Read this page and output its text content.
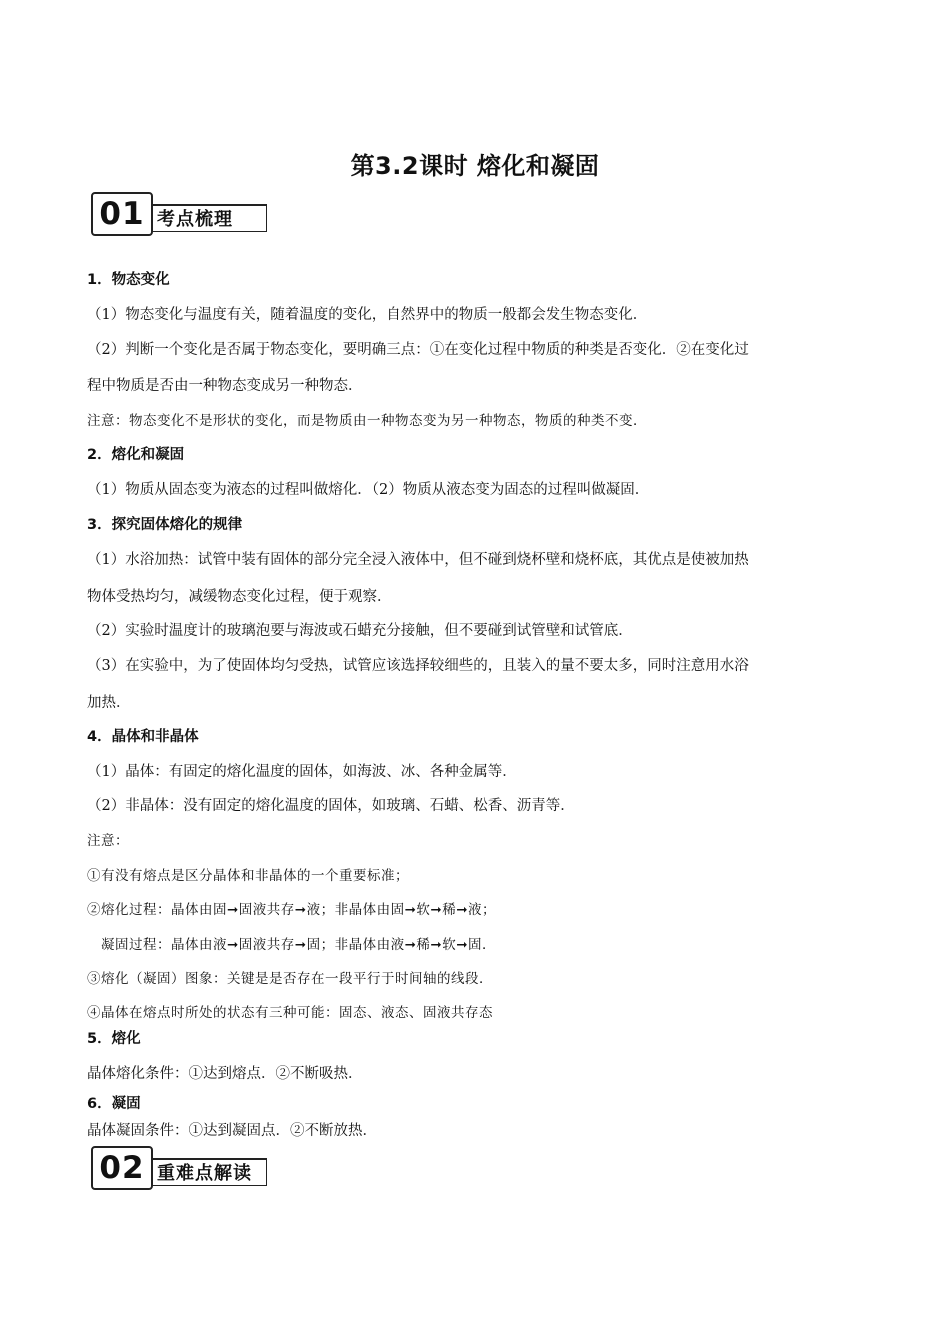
第3.2课时 熔化和凝固
01 考点梳理
1．物态变化
（1）物态变化与温度有关，随着温度的变化，自然界中的物质一般都会发生物态变化．
（2）判断一个变化是否属于物态变化，要明确三点：①在变化过程中物质的种类是否变化．②在变化过
程中物质是否由一种物态变成另一种物态．
注意：物态变化不是形状的变化，而是物质由一种物态变为另一种物态，物质的种类不变．
2．熔化和凝固
（1）物质从固态变为液态的过程叫做熔化．（2）物质从液态变为固态的过程叫做凝固．
3．探究固体熔化的规律
（1）水浴加热：试管中装有固体的部分完全浸入液体中，但不碰到烧杯壁和烧杯底，其优点是使被加热
物体受热均匀，减缓物态变化过程，便于观察．
（2）实验时温度计的玻璃泡要与海波或石蜡充分接触，但不要碰到试管壁和试管底．
（3）在实验中，为了使固体均匀受热，试管应该选择较细些的，且装入的量不要太多，同时注意用水浴
加热．
4．晶体和非晶体
（1）晶体：有固定的熔化温度的固体，如海波、冰、各种金属等．
（2）非晶体：没有固定的熔化温度的固体，如玻璃、石蜡、松香、沥青等．
注意：
①有没有熔点是区分晶体和非晶体的一个重要标准；
②熔化过程：晶体由固➞固液共存➞液；非晶体由固➞软➞稀➞液；
　凝固过程：晶体由液➞固液共存➞固；非晶体由液➞稀➞软➞固．
③熔化（凝固）图象：关键是是否存在一段平行于时间轴的线段．
④晶体在熔点时所处的状态有三种可能：固态、液态、固液共存态
5．熔化
晶体熔化条件：①达到熔点．②不断吸热．
6．凝固
晶体凝固条件：①达到凝固点．②不断放热．
02 重难点解读
